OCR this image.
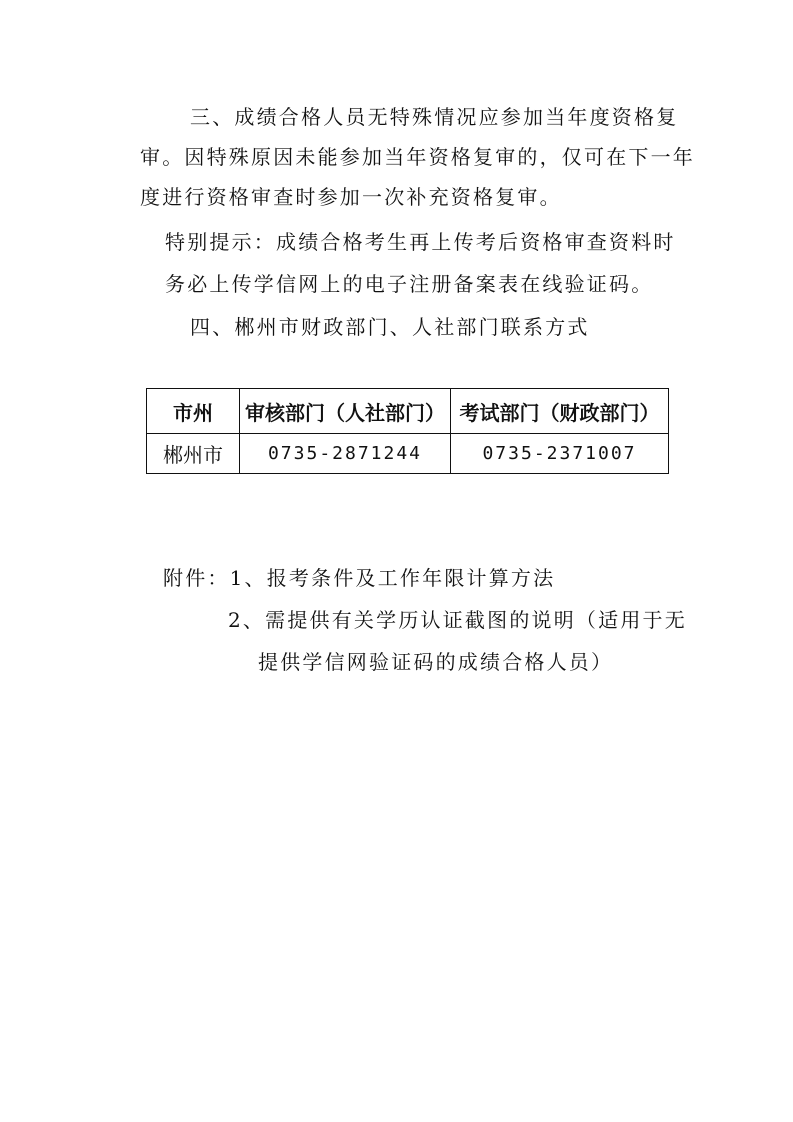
三、成绩合格人员无特殊情况应参加当年度资格复
审。因特殊原因未能参加当年资格复审的，仅可在下一年
度进行资格审查时参加一次补充资格复审。
特别提示：成绩合格考生再上传考后资格审查资料时
务必上传学信网上的电子注册备案表在线验证码。
四、郴州市财政部门、人社部门联系方式
市州	审核部门（人社部门）	考试部门（财政部门）
郴州市	0735-2871244	0735-2371007
附件：1、报考条件及工作年限计算方法
2、需提供有关学历认证截图的说明（适用于无
提供学信网验证码的成绩合格人员）
